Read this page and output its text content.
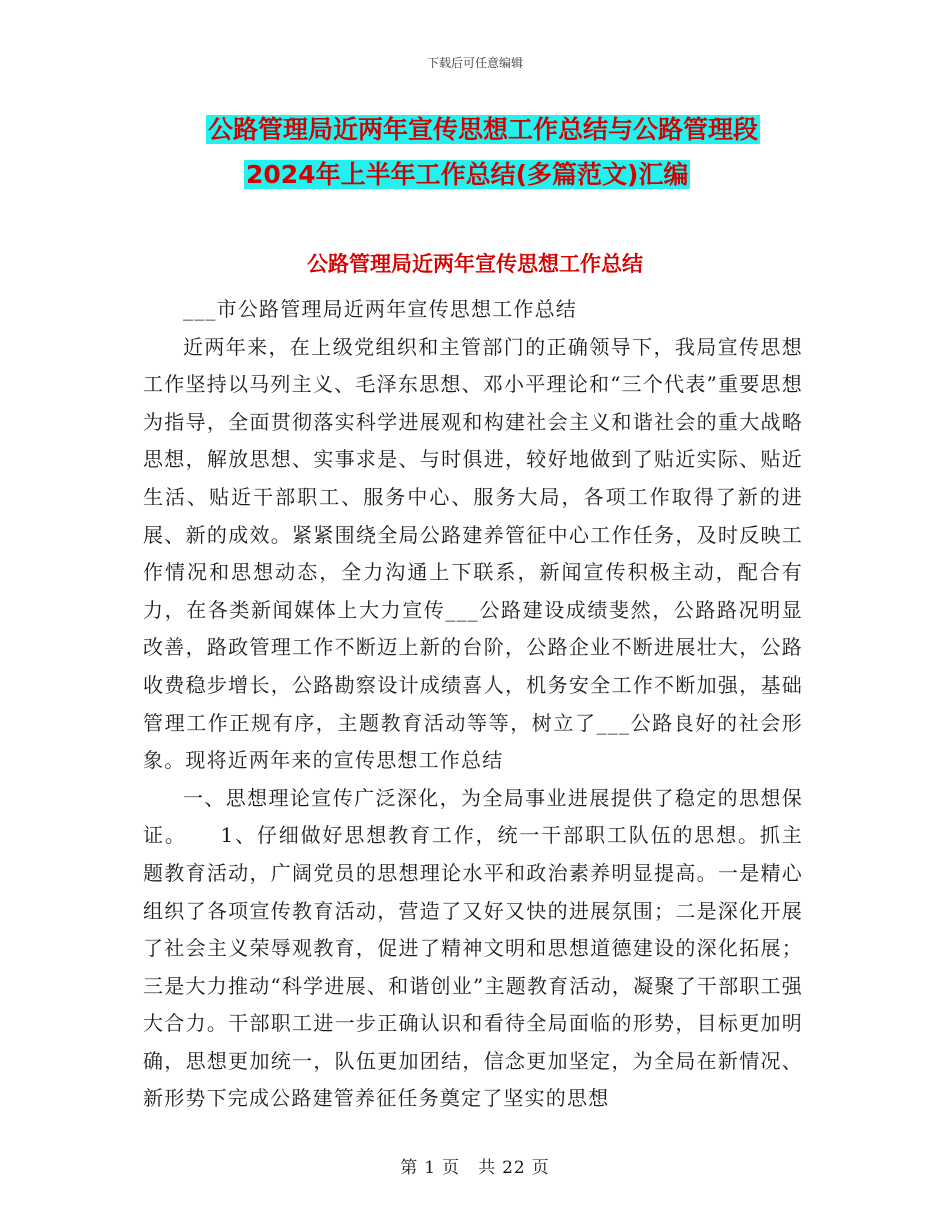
下载后可任意编辑
公路管理局近两年宣传思想工作总结与公路管理段
2024年上半年工作总结(多篇范文)汇编
公路管理局近两年宣传思想工作总结

___市公路管理局近两年宣传思想工作总结

近两年来，在上级党组织和主管部门的正确领导下，我局宣传思想工作坚持以马列主义、毛泽东思想、邓小平理论和“三个代表”重要思想为指导，全面贯彻落实科学进展观和构建社会主义和谐社会的重大战略思想，解放思想、实事求是、与时俱进，较好地做到了贴近实际、贴近生活、贴近干部职工、服务中心、服务大局，各项工作取得了新的进展、新的成效。紧紧围绕全局公路建养管征中心工作任务，及时反映工作情况和思想动态，全力沟通上下联系，新闻宣传积极主动，配合有力，在各类新闻媒体上大力宣传___公路建设成绩斐然，公路路况明显改善，路政管理工作不断迈上新的台阶，公路企业不断进展壮大，公路收费稳步增长，公路勘察设计成绩喜人，机务安全工作不断加强，基础管理工作正规有序，主题教育活动等等，树立了___公路良好的社会形象。现将近两年来的宣传思想工作总结

一、思想理论宣传广泛深化，为全局事业进展提供了稳定的思想保证。　　1、仔细做好思想教育工作，统一干部职工队伍的思想。抓主题教育活动，广阔党员的思想理论水平和政治素养明显提高。一是精心组织了各项宣传教育活动，营造了又好又快的进展氛围；二是深化开展了社会主义荣辱观教育，促进了精神文明和思想道德建设的深化拓展；三是大力推动“科学进展、和谐创业”主题教育活动，凝聚了干部职工强大合力。干部职工进一步正确认识和看待全局面临的形势，目标更加明确，思想更加统一，队伍更加团结，信念更加坚定，为全局在新情况、新形势下完成公路建管养征任务奠定了坚实的思想

第 1 页　共 22 页
